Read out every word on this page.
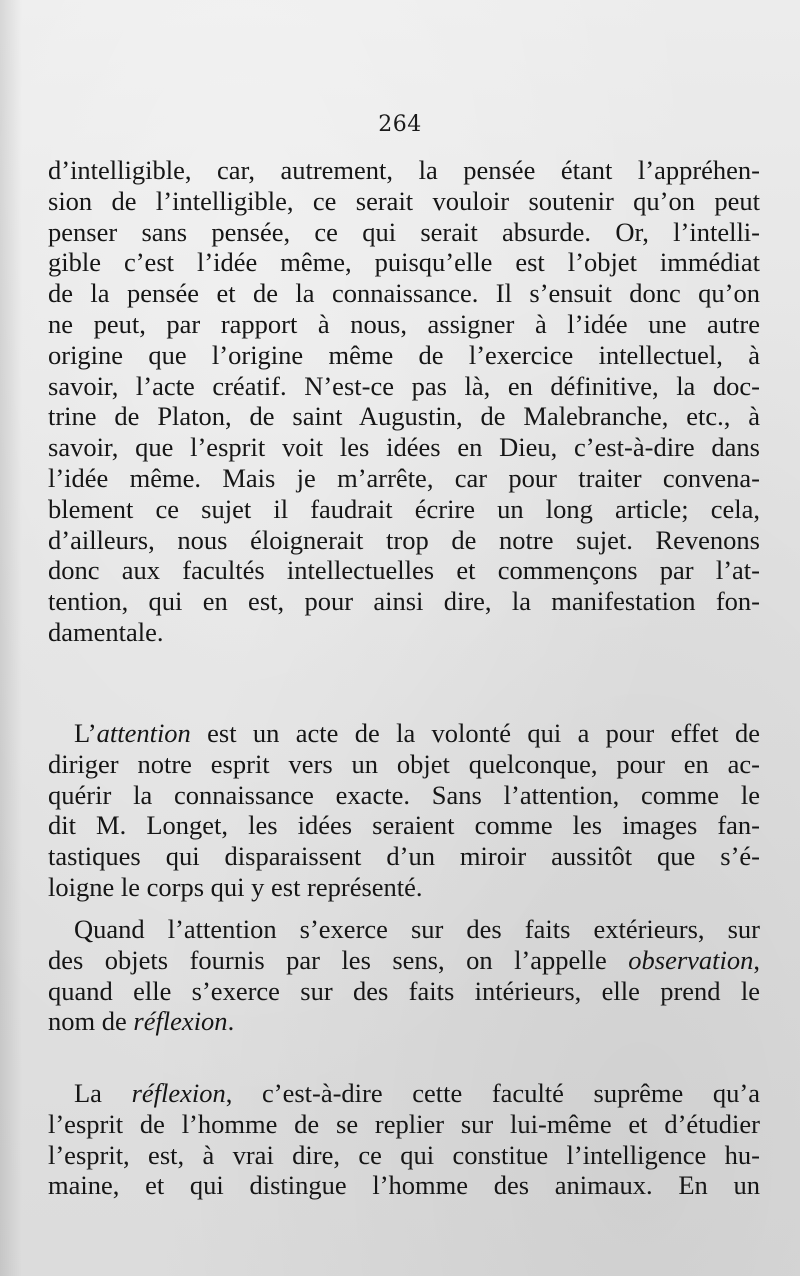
264
d’intelligible, car, autrement, la pensée étant l’appréhen-
sion de l’intelligible, ce serait vouloir soutenir qu’on peut
penser sans pensée, ce qui serait absurde. Or, l’intelli-
gible c’est l’idée même, puisqu’elle est l’objet immédiat
de la pensée et de la connaissance. Il s’ensuit donc qu’on
ne peut, par rapport à nous, assigner à l’idée une autre
origine que l’origine même de l’exercice intellectuel, à
savoir, l’acte créatif. N’est-ce pas là, en définitive, la doc-
trine de Platon, de saint Augustin, de Malebranche, etc., à
savoir, que l’esprit voit les idées en Dieu, c’est-à-dire dans
l’idée même. Mais je m’arrête, car pour traiter convena-
blement ce sujet il faudrait écrire un long article; cela,
d’ailleurs, nous éloignerait trop de notre sujet. Revenons
donc aux facultés intellectuelles et commençons par l’at-
tention, qui en est, pour ainsi dire, la manifestation fon-
damentale.
L’attention est un acte de la volonté qui a pour effet de
diriger notre esprit vers un objet quelconque, pour en ac-
quérir la connaissance exacte. Sans l’attention, comme le
dit M. Longet, les idées seraient comme les images fan-
tastiques qui disparaissent d’un miroir aussitôt que s’é-
loigne le corps qui y est représenté.
Quand l’attention s’exerce sur des faits extérieurs, sur
des objets fournis par les sens, on l’appelle observation,
quand elle s’exerce sur des faits intérieurs, elle prend le
nom de réflexion.
La réflexion, c’est-à-dire cette faculté suprême qu’a
l’esprit de l’homme de se replier sur lui-même et d’étudier
l’esprit, est, à vrai dire, ce qui constitue l’intelligence hu-
maine, et qui distingue l’homme des animaux. En un
